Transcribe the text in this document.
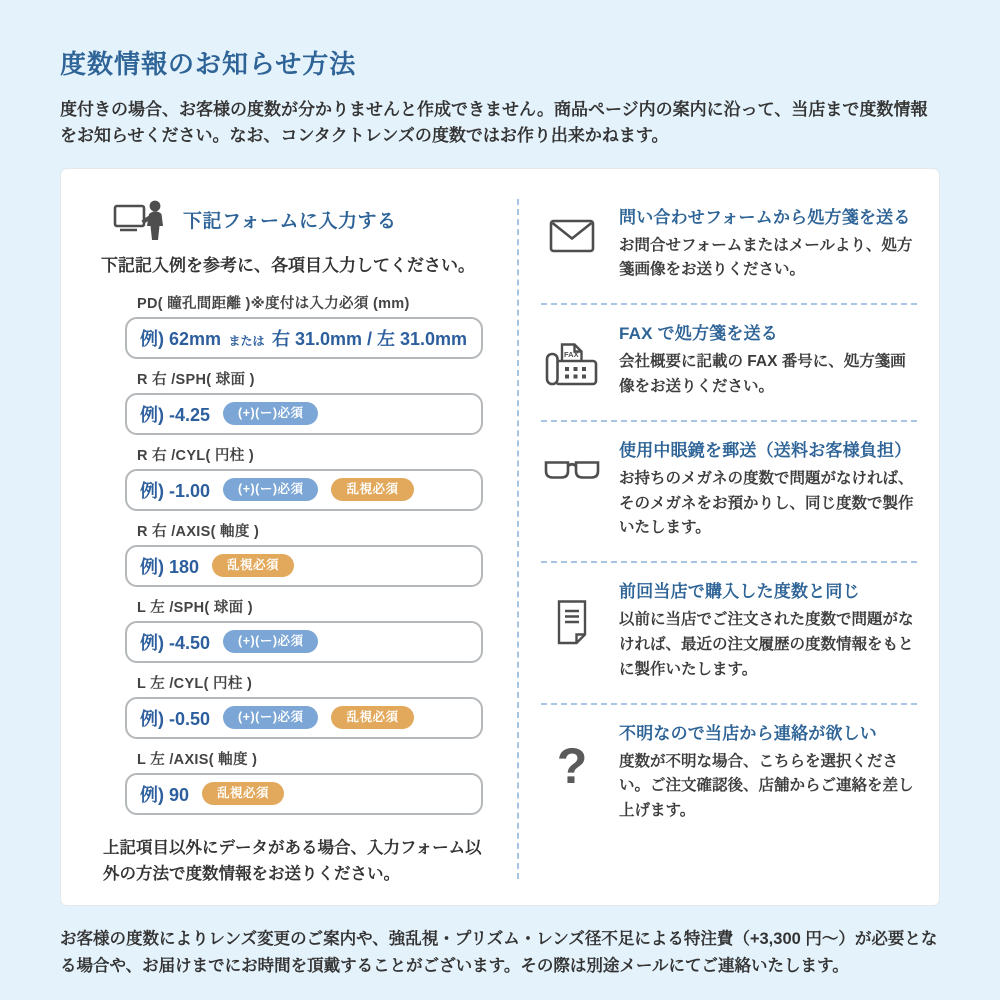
度数情報のお知らせ方法

度付きの場合、お客様の度数が分かりませんと作成できません。商品ページ内の案内に沿って、当店まで度数情報をお知らせください。なお、コンタクトレンズの度数ではお作り出来かねます。

下記フォームに入力する

下記記入例を参考に、各項目入力してください。

PD( 瞳孔間距離 )※度付は入力必須 (mm)
例) 62mm または 右 31.0mm / 左 31.0mm
R 右 /SPH( 球面 )
例) -4.25	(+)(ー)必須
R 右 /CYL( 円柱 )
例) -1.00	(+)(ー)必須	乱視必須
R 右 /AXIS( 軸度 )
例) 180	乱視必須
L 左 /SPH( 球面 )
例) -4.50	(+)(ー)必須
L 左 /CYL( 円柱 )
例) -0.50	(+)(ー)必須	乱視必須
L 左 /AXIS( 軸度 )
例) 90	乱視必須

上記項目以外にデータがある場合、入力フォーム以外の方法で度数情報をお送りください。

問い合わせフォームから処方箋を送る
お問合せフォームまたはメールより、処方箋画像をお送りください。
FAX
FAX で処方箋を送る
会社概要に記載の FAX 番号に、処方箋画像をお送りください。
使用中眼鏡を郵送（送料お客様負担）
お持ちのメガネの度数で問題がなければ、そのメガネをお預かりし、同じ度数で製作いたします。
前回当店で購入した度数と同じ
以前に当店でご注文された度数で問題がなければ、最近の注文履歴の度数情報をもとに製作いたします。
?
不明なので当店から連絡が欲しい
度数が不明な場合、こちらを選択ください。ご注文確認後、店舗からご連絡を差し上げます。

お客様の度数によりレンズ変更のご案内や、強乱視・プリズム・レンズ径不足による特注費（+3,300 円〜）が必要となる場合や、お届けまでにお時間を頂戴することがございます。その際は別途メールにてご連絡いたします。
